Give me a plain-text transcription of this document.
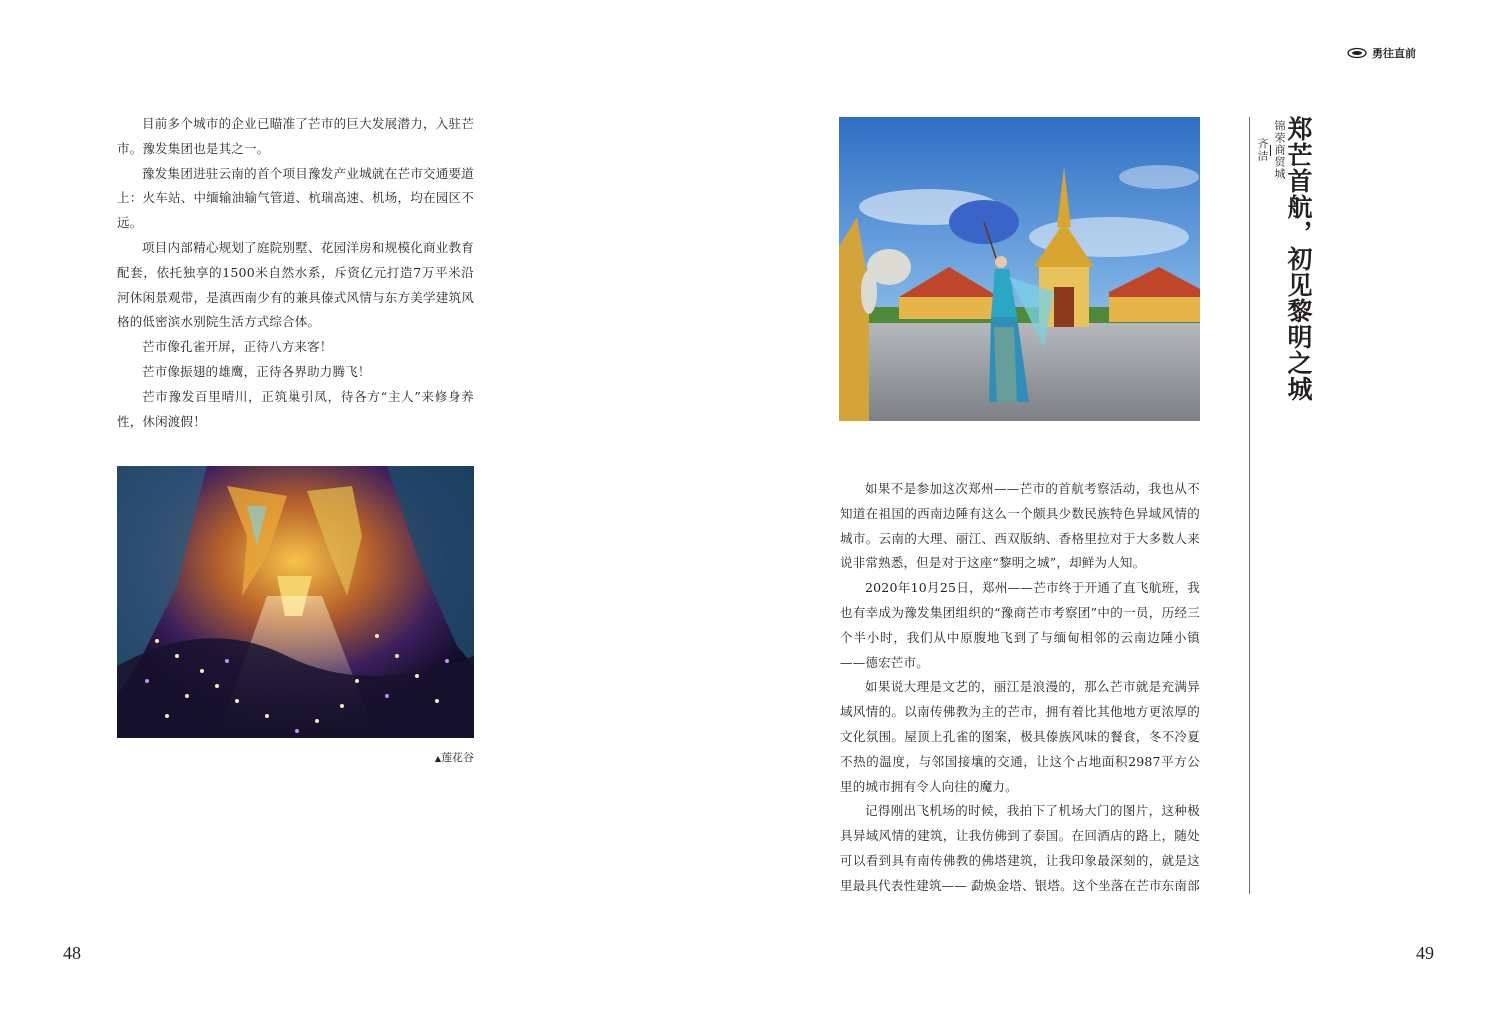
目前多个城市的企业已瞄准了芒市的巨大发展潜力，入驻芒市。豫发集团也是其之一。

豫发集团进驻云南的首个项目豫发产业城就在芒市交通要道上：火车站、中缅输油输气管道、杭瑞高速、机场，均在园区不远。

项目内部精心规划了庭院别墅、花园洋房和规模化商业教育配套，依托独享的1500米自然水系，斥资亿元打造7万平米沿河休闲景观带，是滇西南少有的兼具傣式风情与东方美学建筑风格的低密滨水别院生活方式综合体。

芒市像孔雀开屏，正待八方来客！

芒市像振翅的雄鹰，正待各界助力腾飞！

芒市豫发百里晴川，正筑巢引凤，待各方“主人”来修身养性，休闲渡假！

▲莲花谷
48
勇往直前

如果不是参加这次郑州——芒市的首航考察活动，我也从不知道在祖国的西南边陲有这么一个颇具少数民族特色异域风情的城市。云南的大理、丽江、西双版纳、香格里拉对于大多数人来说非常熟悉，但是对于这座“黎明之城”，却鲜为人知。

2020年10月25日，郑州——芒市终于开通了直飞航班，我也有幸成为豫发集团组织的“豫商芒市考察团”中的一员，历经三个半小时，我们从中原腹地飞到了与缅甸相邻的云南边陲小镇——德宏芒市。

如果说大理是文艺的，丽江是浪漫的，那么芒市就是充满异域风情的。以南传佛教为主的芒市，拥有着比其他地方更浓厚的文化氛围。屋顶上孔雀的图案，极具傣族风味的餐食，冬不冷夏不热的温度，与邻国接壤的交通，让这个占地面积2987平方公里的城市拥有令人向往的魔力。

记得刚出飞机场的时候，我拍下了机场大门的图片，这种极具异域风情的建筑，让我仿佛到了泰国。在回酒店的路上，随处可以看到具有南传佛教的佛塔建筑，让我印象最深刻的，就是这里最具代表性建筑—— 勐焕金塔、银塔。这个坐落在芒市东南部

锦荣商贸城
齐洁 郑芒首航，初见黎明之城
49
